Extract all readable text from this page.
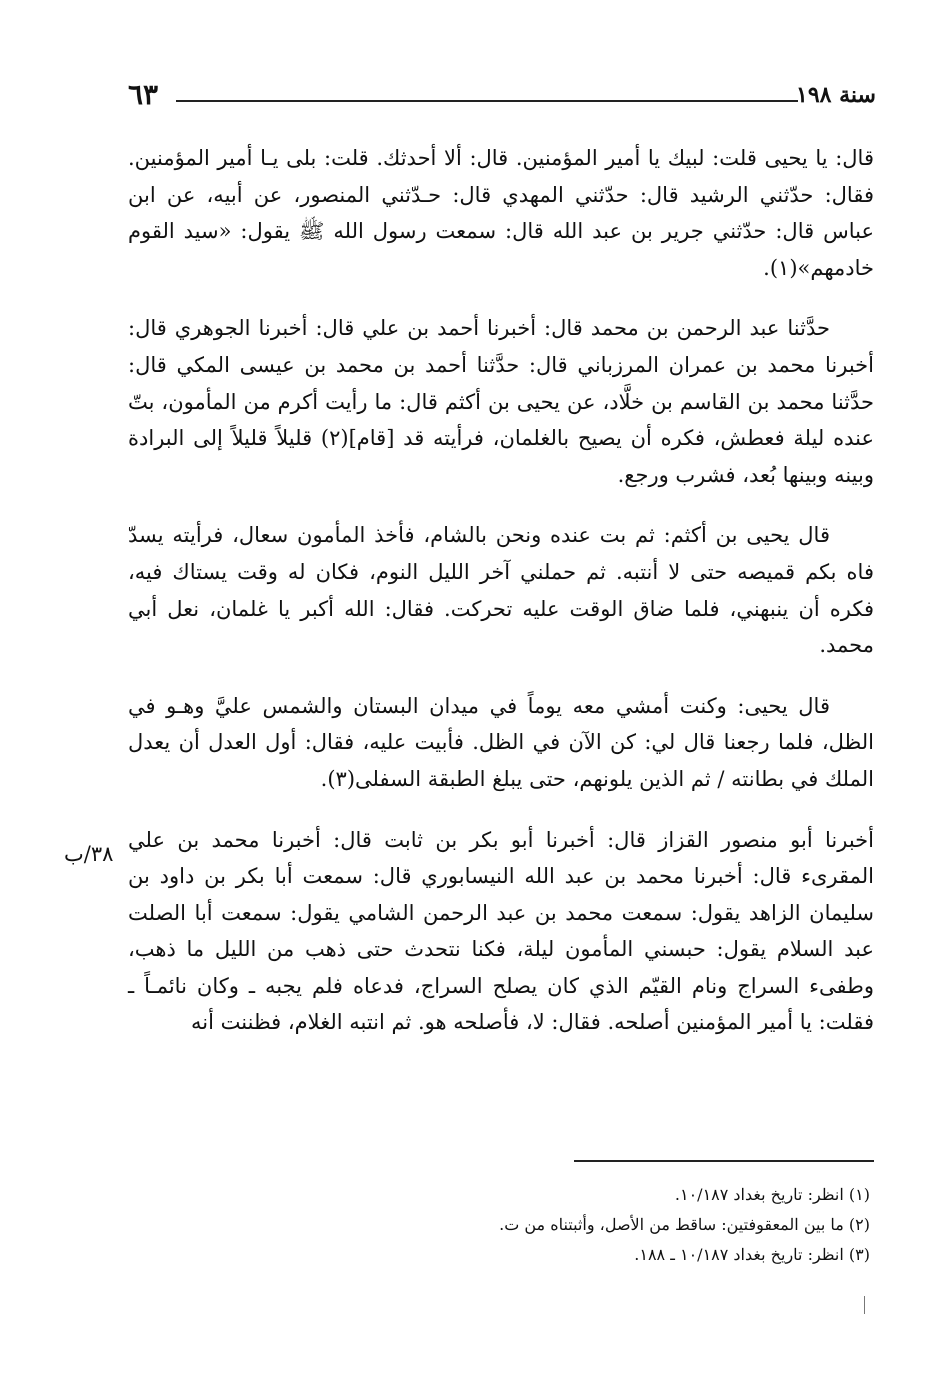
سنة ١٩٨
٦٣

قال: يا يحيى قلت: لبيك يا أمير المؤمنين. قال: ألا أحدثك. قلت: بلى يـا أمير المؤمنين. فقال: حدّثني الرشيد قال: حدّثني المهدي قال: حـدّثني المنصور، عن أبيه، عن ابن عباس قال: حدّثني جرير بن عبد الله قال: سمعت رسول الله ﷺ يقول: «سيد القوم خادمهم»(١).

حدَّثنا عبد الرحمن بن محمد قال: أخبرنا أحمد بن علي قال: أخبرنا الجوهري قال: أخبرنا محمد بن عمران المرزباني قال: حدَّثنا أحمد بن محمد بن عيسى المكي قال: حدَّثنا محمد بن القاسم بن خلَّاد، عن يحيى بن أكثم قال: ما رأيت أكرم من المأمون، بتّ عنده ليلة فعطش، فكره أن يصيح بالغلمان، فرأيته قد [قام](٢) قليلاً قليلاً إلى البرادة وبينه وبينها بُعد، فشرب ورجع.

قال يحيى بن أكثم: ثم بت عنده ونحن بالشام، فأخذ المأمون سعال، فرأيته يسدّ فاه بكم قميصه حتى لا أنتبه. ثم حملني آخر الليل النوم، فكان له وقت يستاك فيه، فكره أن ينبهني، فلما ضاق الوقت عليه تحركت. فقال: الله أكبر يا غلمان، نعل أبي محمد.

قال يحيى: وكنت أمشي معه يوماً في ميدان البستان والشمس عليَّ وهـو في الظل، فلما رجعنا قال لي: كن الآن في الظل. فأبيت عليه، فقال: أول العدل أن يعدل الملك في بطانته / ثم الذين يلونهم، حتى يبلغ الطبقة السفلى(٣).

أخبرنا أبو منصور القزاز قال: أخبرنا أبو بكر بن ثابت قال: أخبرنا محمد بن علي المقرىء قال: أخبرنا محمد بن عبد الله النيسابوري قال: سمعت أبا بكر بن داود بن سليمان الزاهد يقول: سمعت محمد بن عبد الرحمن الشامي يقول: سمعت أبا الصلت عبد السلام يقول: حبسني المأمون ليلة، فكنا نتحدث حتى ذهب من الليل ما ذهب، وطفىء السراج ونام القيّم الذي كان يصلح السراج، فدعاه فلم يجبه ـ وكان نائمـاً ـ فقلت: يا أمير المؤمنين أصلحه. فقال: لا، فأصلحه هو. ثم انتبه الغلام، فظننت أنه

٣٨/ب

(١) انظر: تاريخ بغداد ١٠/١٨٧.

(٢) ما بين المعقوفتين: ساقط من الأصل، وأثبتناه من ت.

(٣) انظر: تاريخ بغداد ١٠/١٨٧ ـ ١٨٨.
